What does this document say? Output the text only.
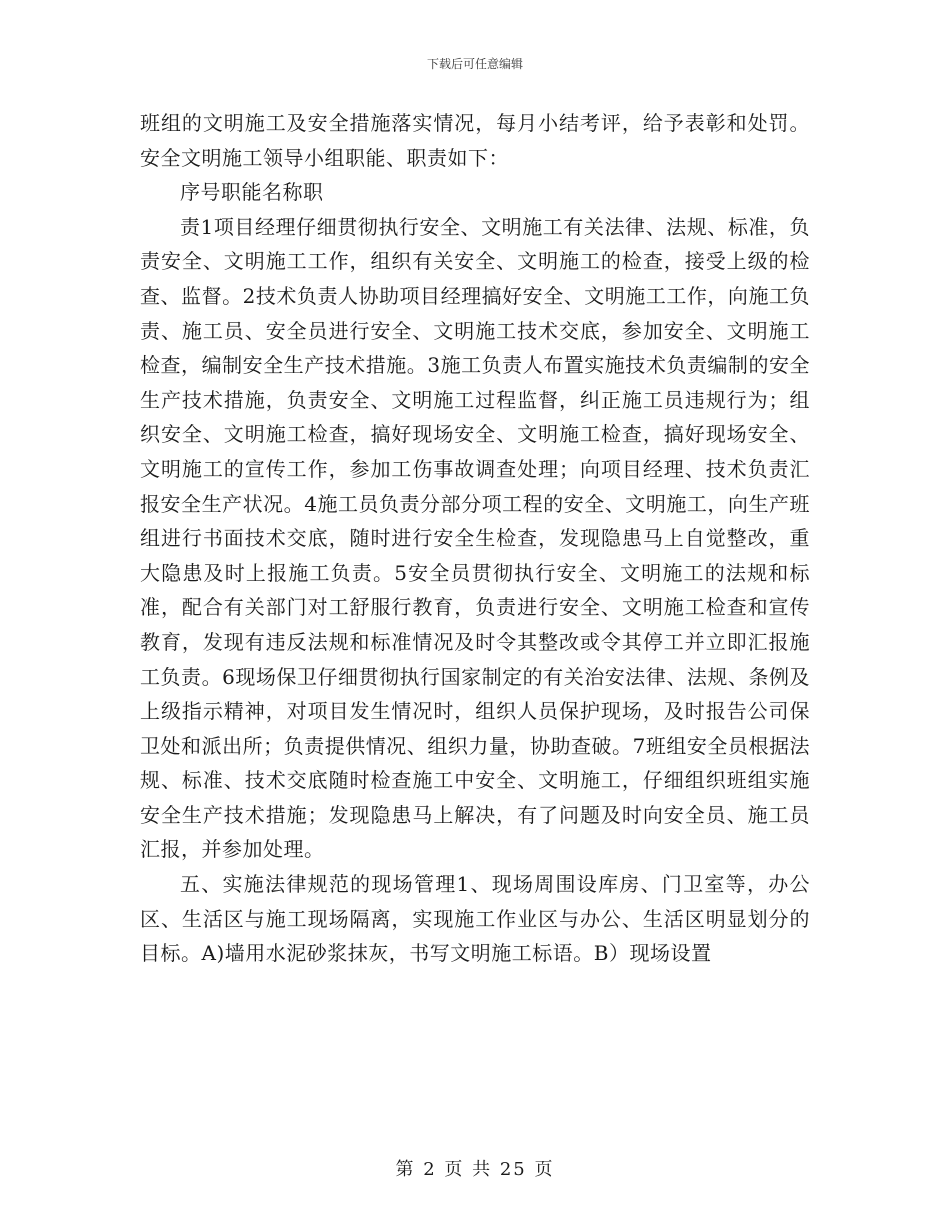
下载后可任意编辑

班组的文明施工及安全措施落实情况，每月小结考评，给予表彰和处罚。安全文明施工领导小组职能、职责如下：

序号职能名称职

责1项目经理仔细贯彻执行安全、文明施工有关法律、法规、标准，负责安全、文明施工工作，组织有关安全、文明施工的检查，接受上级的检查、监督。2技术负责人协助项目经理搞好安全、文明施工工作，向施工负责、施工员、安全员进行安全、文明施工技术交底，参加安全、文明施工检查，编制安全生产技术措施。3施工负责人布置实施技术负责编制的安全生产技术措施，负责安全、文明施工过程监督，纠正施工员违规行为；组织安全、文明施工检查，搞好现场安全、文明施工检查，搞好现场安全、文明施工的宣传工作，参加工伤事故调查处理；向项目经理、技术负责汇报安全生产状况。4施工员负责分部分项工程的安全、文明施工，向生产班组进行书面技术交底，随时进行安全生检查，发现隐患马上自觉整改，重大隐患及时上报施工负责。5安全员贯彻执行安全、文明施工的法规和标准，配合有关部门对工舒服行教育，负责进行安全、文明施工检查和宣传教育，发现有违反法规和标准情况及时令其整改或令其停工并立即汇报施工负责。6现场保卫仔细贯彻执行国家制定的有关治安法律、法规、条例及上级指示精神，对项目发生情况时，组织人员保护现场，及时报告公司保卫处和派出所；负责提供情况、组织力量，协助查破。7班组安全员根据法规、标准、技术交底随时检查施工中安全、文明施工，仔细组织班组实施安全生产技术措施；发现隐患马上解决，有了问题及时向安全员、施工员汇报，并参加处理。

五、实施法律规范的现场管理1、现场周围设库房、门卫室等，办公区、生活区与施工现场隔离，实现施工作业区与办公、生活区明显划分的目标。A)墙用水泥砂浆抹灰，书写文明施工标语。B）现场设置

第 2 页 共 25 页
